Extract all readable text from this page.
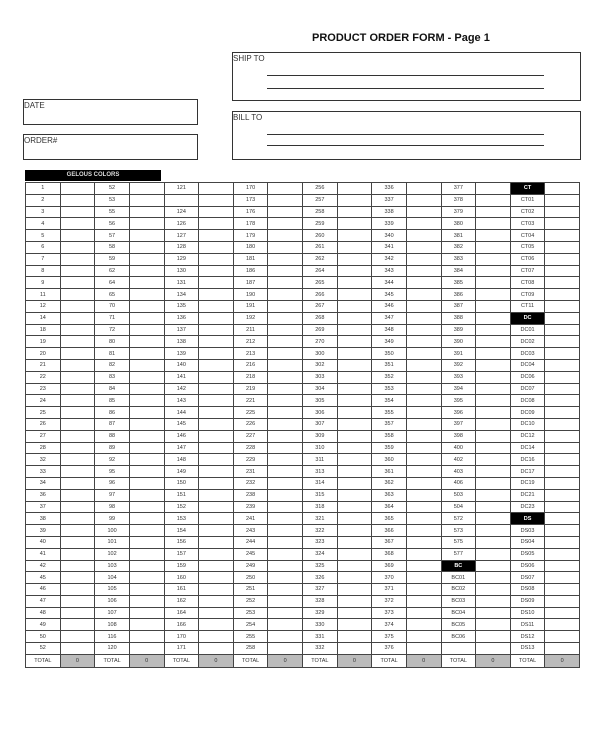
PRODUCT ORDER FORM - Page 1
SHIP TO
BILL TO
DATE
ORDER#
GELOUS COLORS
1		52		121		170		256		336		377		CT	
2		53				173		257		337		378		CT01	
3		55		124		176		258		338		379		CT02	
4		56		126		178		259		339		380		CT03	
5		57		127		179		260		340		381		CT04	
6		58		128		180		261		341		382		CT05	
7		59		129		181		262		342		383		CT06	
8		62		130		186		264		343		384		CT07	
9		64		131		187		265		344		385		CT08	
11		65		134		190		266		345		386		CT09	
12		70		135		191		267		346		387		CT11	
14		71		136		192		268		347		388		DC	
18		72		137		211		269		348		389		DC01	
19		80		138		212		270		349		390		DC02	
20		81		139		213		300		350		391		DC03	
21		82		140		216		302		351		392		DC04	
22		83		141		218		303		352		393		DC06	
23		84		142		219		304		353		394		DC07	
24		85		143		221		305		354		395		DC08	
25		86		144		225		306		355		396		DC09	
26		87		145		226		307		357		397		DC10	
27		88		146		227		309		358		398		DC12	
28		89		147		228		310		359		400		DC14	
32		92		148		229		311		360		402		DC16	
33		95		149		231		313		361		403		DC17	
34		96		150		232		314		362		406		DC19	
36		97		151		238		315		363		503		DC21	
37		98		152		239		318		364		504		DC23	
38		99		153		241		321		365		572		DS	
39		100		154		243		322		366		573		DS03	
40		101		156		244		323		367		575		DS04	
41		102		157		245		324		368		577		DS05	
42		103		159		249		325		369		BC		DS06	
45		104		160		250		326		370		BC01		DS07	
46		105		161		251		327		371		BC02		DS08	
47		106		162		252		328		372		BC03		DS09	
48		107		164		253		329		373		BC04		DS10	
49		108		166		254		330		374		BC05		DS11	
50		116		170		255		331		375		BC06		DS12	
52		120		171		258		332		376				DS13	
TOTAL	0	TOTAL	0	TOTAL	0	TOTAL	0	TOTAL	0	TOTAL	0	TOTAL	0	TOTAL	0
